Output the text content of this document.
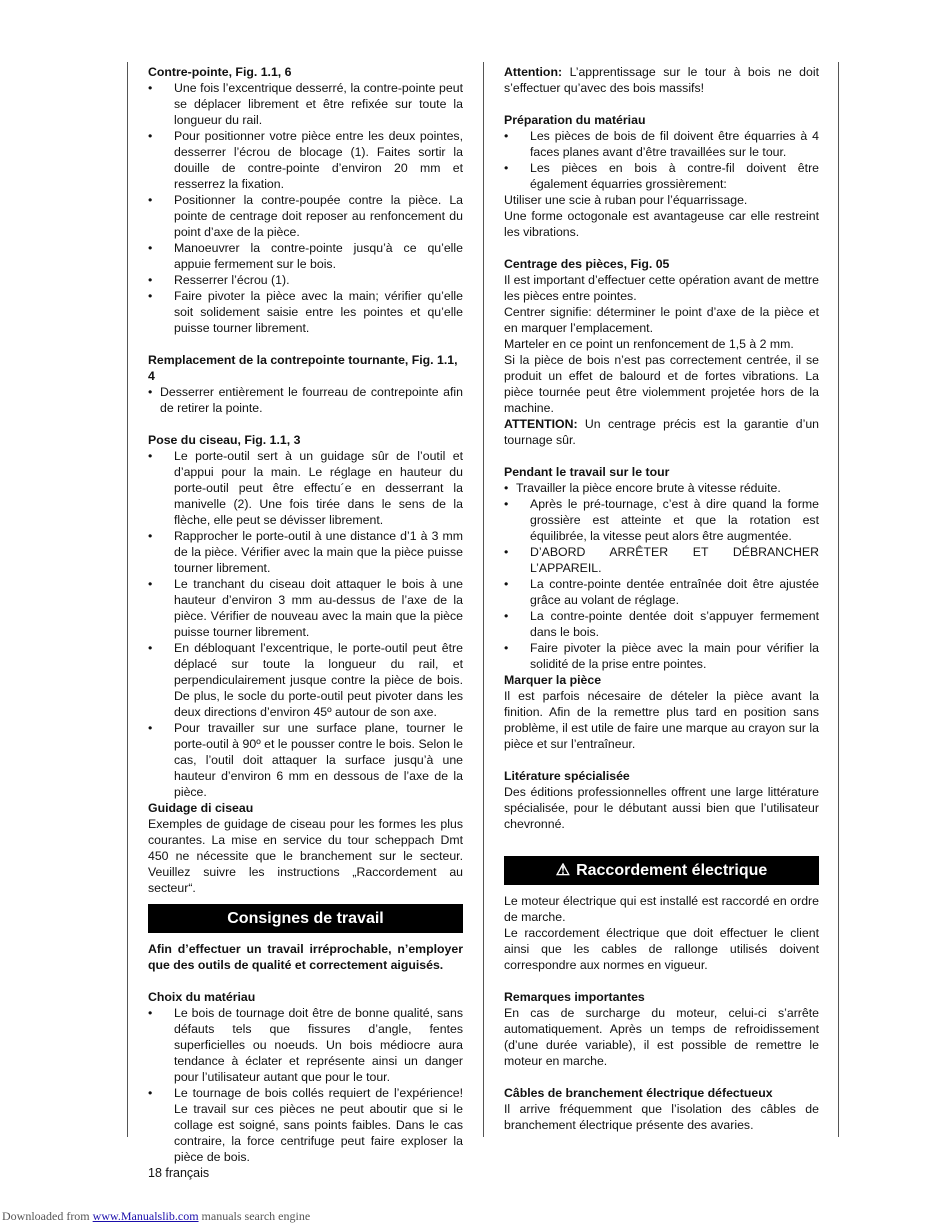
Contre-pointe, Fig. 1.1, 6
• Une fois l’excentrique desserré, la contre-pointe peut se déplacer librement et être refixée sur toute la longueur du rail.
• Pour positionner votre pièce entre les deux pointes, desserrer l’écrou de blocage (1). Faites sortir la douille de contre-pointe d’environ 20 mm et resserrez la fixation.
• Positionner la contre-poupée contre la pièce. La pointe de centrage doit reposer au renfoncement du point d’axe de la pièce.
• Manoeuvrer la contre-pointe jusqu’à ce qu’elle appuie fermement sur le bois.
• Resserrer l’écrou (1).
• Faire pivoter la pièce avec la main; vérifier qu’elle soit solidement saisie entre les pointes et qu’elle puisse tourner librement.
Remplacement de la contrepointe tournante, Fig. 1.1, 4
• Desserrer entièrement le fourreau de contrepointe afin de retirer la pointe.
Pose du ciseau, Fig. 1.1, 3
• Le porte-outil sert à un guidage sûr de l’outil et d’appui pour la main. Le réglage en hauteur du porte-outil peut être effectu´e en desserrant la manivelle (2). Une fois tirée dans le sens de la flèche, elle peut se dévisser librement.
• Rapprocher le porte-outil à une distance d’1 à 3 mm de la pièce. Vérifier avec la main que la pièce puisse tourner librement.
• Le tranchant du ciseau doit attaquer le bois à une hauteur d’environ 3 mm au-dessus de l’axe de la pièce. Vérifier de nouveau avec la main que la pièce puisse tourner librement.
• En débloquant l’excentrique, le porte-outil peut être déplacé sur toute la longueur du rail, et perpendiculairement jusque contre la pièce de bois. De plus, le socle du porte-outil peut pivoter dans les deux directions d’environ 45º autour de son axe.
• Pour travailler sur une surface plane, tourner le porte-outil à 90º et le pousser contre le bois. Selon le cas, l’outil doit attaquer la surface jusqu’à une hauteur d’environ 6 mm en dessous de l’axe de la pièce.
Guidage di ciseau

Exemples de guidage de ciseau pour les formes les plus courantes. La mise en service du tour scheppach Dmt 450 ne nécessite que le branchement sur le secteur. Veuillez suivre les instructions „Raccordement au secteur“.

Consignes de travail

Afin d’effectuer un travail irréprochable, n’employer que des outils de qualité et correctement aiguisés.

Choix du matériau
• Le bois de tournage doit être de bonne qualité, sans défauts tels que fissures d’angle, fentes superficielles ou noeuds. Un bois médiocre aura tendance à éclater et représente ainsi un danger pour l’utilisateur autant que pour le tour.
• Le tournage de bois collés requiert de l’expérience! Le travail sur ces pièces ne peut aboutir que si le collage est soigné, sans points faibles. Dans le cas contraire, la force centrifuge peut faire exploser la pièce de bois.

Attention: L’apprentissage sur le tour à bois ne doit s’effectuer qu’avec des bois massifs!

Préparation du matériau
• Les pièces de bois de fil doivent être équarries à 4 faces planes avant d’être travaillées sur le tour.
• Les pièces en bois à contre-fil doivent être également équarries grossièrement:

Utiliser une scie à ruban pour l’équarrissage.

Une forme octogonale est avantageuse car elle restreint les vibrations.

Centrage des pièces, Fig. 05

Il est important d’effectuer cette opération avant de mettre les pièces entre pointes.

Centrer signifie: déterminer le point d’axe de la pièce et en marquer l’emplacement.

Marteler en ce point un renfoncement de 1,5 à 2 mm.

Si la pièce de bois n’est pas correctement centrée, il se produit un effet de balourd et de fortes vibrations. La pièce tournée peut être violemment projetée hors de la machine.

ATTENTION: Un centrage précis est la garantie d’un tournage sûr.

Pendant le travail sur le tour
• Travailler la pièce encore brute à vitesse réduite.
• Après le pré-tournage, c’est à dire quand la forme grossière est atteinte et que la rotation est équilibrée, la vitesse peut alors être augmentée.
• D’ABORD ARRÊTER ET DÉBRANCHER L’APPAREIL.
• La contre-pointe dentée entraînée doit être ajustée grâce au volant de réglage.
• La contre-pointe dentée doit s’appuyer fermement dans le bois.
• Faire pivoter la pièce avec la main pour vérifier la solidité de la prise entre pointes.
Marquer la pièce

Il est parfois nécesaire de dételer la pièce avant la finition. Afin de la remettre plus tard en position sans problème, il est utile de faire une marque au crayon sur la pièce et sur l’entraîneur.

Litérature spécialisée

Des éditions professionnelles offrent une large littérature spécialisée, pour le débutant aussi bien que l’utilisateur chevronné.

⚠ Raccordement électrique

Le moteur électrique qui est installé est raccordé en ordre de marche.

Le raccordement électrique que doit effectuer le client ainsi que les cables de rallonge utilisés doivent correspondre aux normes en vigueur.

Remarques importantes

En cas de surcharge du moteur, celui-ci s’arrête automatiquement. Après un temps de refroidissement (d’une durée variable), il est possible de remettre le moteur en marche.

Câbles de branchement électrique défectueux

Il arrive fréquemment que l’isolation des câbles de branchement électrique présente des avaries.

18 français
Downloaded from www.Manualslib.com manuals search engine
